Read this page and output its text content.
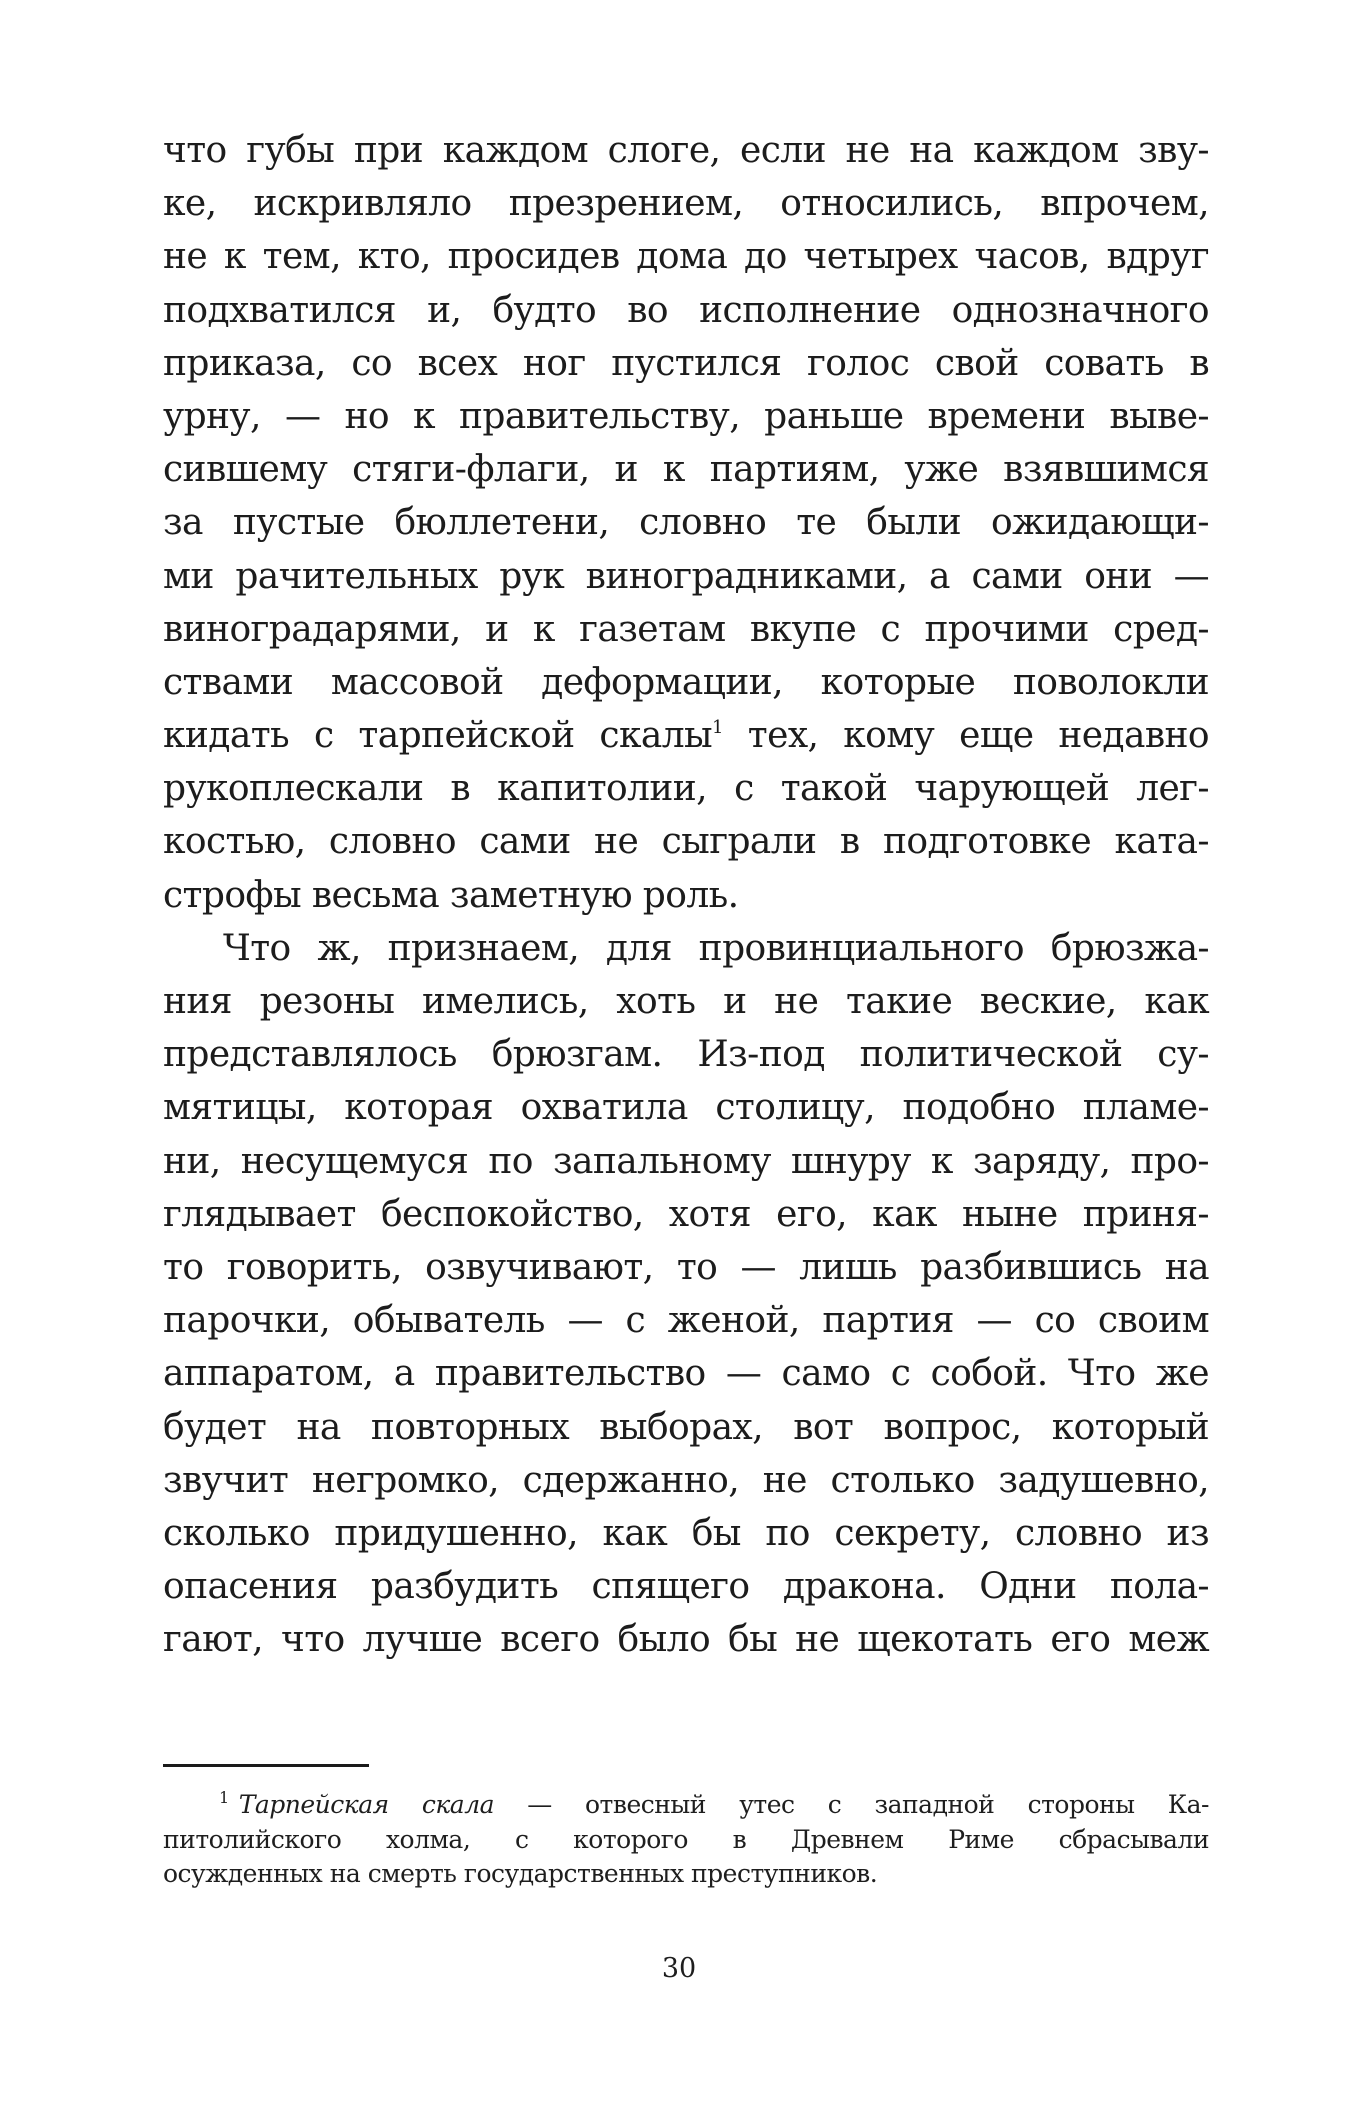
что губы при каждом слоге, если не на каждом зву-
ке, искривляло презрением, относились, впрочем,
не к тем, кто, просидев дома до четырех часов, вдруг
подхватился и, будто во исполнение однозначного
приказа, со всех ног пустился голос свой совать в
урну, — но к правительству, раньше времени выве-
сившему стяги-флаги, и к партиям, уже взявшимся
за пустые бюллетени, словно те были ожидающи-
ми рачительных рук виноградниками, а сами они —
виноградарями, и к газетам вкупе с прочими сред-
ствами массовой деформации, которые поволокли
кидать с тарпейской скалы$^1$ тех, кому еще недавно
рукоплескали в капитолии, с такой чарующей лег-
костью, словно сами не сыграли в подготовке ката-
строфы весьма заметную роль.
Что ж, признаем, для провинциального брюзжа-
ния резоны имелись, хоть и не такие веские, как
представлялось брюзгам. Из-под политической су-
мятицы, которая охватила столицу, подобно пламе-
ни, несущемуся по запальному шнуру к заряду, про-
глядывает беспокойство, хотя его, как ныне приня-
то говорить, озвучивают, то — лишь разбившись на
парочки, обыватель — с женой, партия — со своим
аппаратом, а правительство — само с собой. Что же
будет на повторных выборах, вот вопрос, который
звучит негромко, сдержанно, не столько задушевно,
сколько придушенно, как бы по секрету, словно из
опасения разбудить спящего дракона. Одни пола-
гают, что лучше всего было бы не щекотать его меж
$^1$ Тарпейская скала — отвесный утес с западной стороны Ка-
питолийского холма, с которого в Древнем Риме сбрасывали
осужденных на смерть государственных преступников.
30
